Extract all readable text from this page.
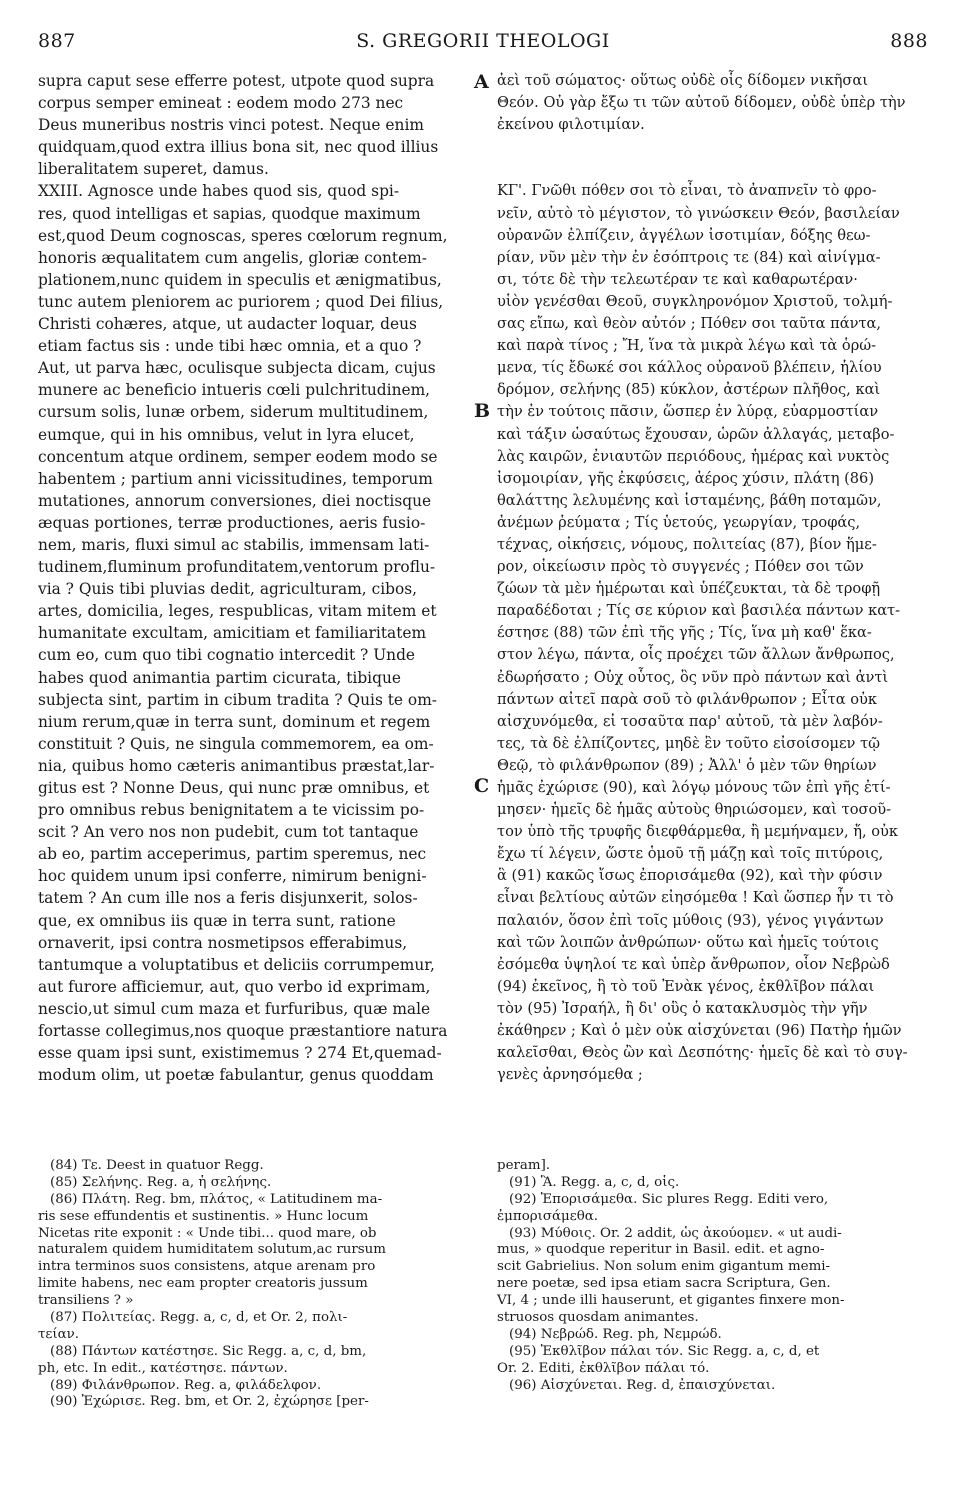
887	S. GREGORII THEOLOGI	888
supra caput sese efferre potest, utpote quod supra
corpus semper emineat : eodem modo 273 nec
Deus muneribus nostris vinci potest. Neque enim
quidquam,quod extra illius bona sit, nec quod illius
liberalitatem superet, damus.
XXIII. Agnosce unde habes quod sis, quod spi-
res, quod intelligas et sapias, quodque maximum
est,quod Deum cognoscas, speres cœlorum regnum,
honoris æqualitatem cum angelis, gloriæ contem-
plationem,nunc quidem in speculis et ænigmatibus,
tunc autem pleniorem ac puriorem ; quod Dei filius,
Christi cohæres, atque, ut audacter loquar, deus
etiam factus sis : unde tibi hæc omnia, et a quo ?
Aut, ut parva hæc, oculisque subjecta dicam, cujus
munere ac beneficio intueris cœli pulchritudinem,
cursum solis, lunæ orbem, siderum multitudinem,
eumque, qui in his omnibus, velut in lyra elucet,
concentum atque ordinem, semper eodem modo se
habentem ; partium anni vicissitudines, temporum
mutationes, annorum conversiones, diei noctisque
æquas portiones, terræ productiones, aeris fusio-
nem, maris, fluxi simul ac stabilis, immensam lati-
tudinem,fluminum profunditatem,ventorum proflu-
via ? Quis tibi pluvias dedit, agriculturam, cibos,
artes, domicilia, leges, respublicas, vitam mitem et
humanitate excultam, amicitiam et familiaritatem
cum eo, cum quo tibi cognatio intercedit ? Unde
habes quod animantia partim cicurata, tibique
subjecta sint, partim in cibum tradita ? Quis te om-
nium rerum,quæ in terra sunt, dominum et regem
constituit ? Quis, ne singula commemorem, ea om-
nia, quibus homo cæteris animantibus præstat,lar-
gitus est ? Nonne Deus, qui nunc præ omnibus, et
pro omnibus rebus benignitatem a te vicissim po-
scit ? An vero nos non pudebit, cum tot tantaque
ab eo, partim acceperimus, partim speremus, nec
hoc quidem unum ipsi conferre, nimirum benigni-
tatem ? An cum ille nos a feris disjunxerit, solos-
que, ex omnibus iis quæ in terra sunt, ratione
ornaverit, ipsi contra nosmetipsos efferabimus,
tantumque a voluptatibus et deliciis corrumpemur,
aut furore afficiemur, aut, quo verbo id exprimam,
nescio,ut simul cum maza et furfuribus, quæ male
fortasse collegimus,nos quoque præstantiore natura
esse quam ipsi sunt, existimemus ? 274 Et,quemad-
modum olim, ut poetæ fabulantur, genus quoddam
ἀεὶ τοῦ σώματος· οὕτως οὐδὲ οἷς δίδομεν νικῆσαι
Θεόν. Οὐ γὰρ ἔξω τι τῶν αὐτοῦ δίδομεν, οὐδὲ ὑπὲρ τὴν
ἐκείνου φιλοτιμίαν.
ΚΓ'. Γνῶθι πόθεν σοι τὸ εἶναι, τὸ ἀναπνεῖν τὸ φρο-
νεῖν, αὐτὸ τὸ μέγιστον, τὸ γινώσκειν Θεόν, βασιλείαν
οὐρανῶν ἐλπίζειν, ἀγγέλων ἰσοτιμίαν, δόξης θεω-
ρίαν, νῦν μὲν τὴν ἐν ἐσόπτροις τε (84) καὶ αἰνίγμα-
σι, τότε δὲ τὴν τελεωτέραν τε καὶ καθαρωτέραν·
υἱὸν γενέσθαι Θεοῦ, συγκληρονόμον Χριστοῦ, τολμή-
σας εἴπω, καὶ θεὸν αὐτόν ; Πόθεν σοι ταῦτα πάντα,
καὶ παρὰ τίνος ; Ἤ, ἵνα τὰ μικρὰ λέγω καὶ τὰ ὁρώ-
μενα, τίς ἔδωκέ σοι κάλλος οὐρανοῦ βλέπειν, ἡλίου
δρόμον, σελήνης (85) κύκλον, ἀστέρων πλῆθος, καὶ
τὴν ἐν τούτοις πᾶσιν, ὥσπερ ἐν λύρᾳ, εὐαρμοστίαν
καὶ τάξιν ὡσαύτως ἔχουσαν, ὡρῶν ἀλλαγάς, μεταβο-
λὰς καιρῶν, ἐνιαυτῶν περιόδους, ἡμέρας καὶ νυκτὸς
ἰσομοιρίαν, γῆς ἐκφύσεις, ἀέρος χύσιν, πλάτη (86)
θαλάττης λελυμένης καὶ ἱσταμένης, βάθη ποταμῶν,
ἀνέμων ῥεύματα ; Τίς ὑετούς, γεωργίαν, τροφάς,
τέχνας, οἰκήσεις, νόμους, πολιτείας (87), βίον ἥμε-
ρον, οἰκείωσιν πρὸς τὸ συγγενές ; Πόθεν σοι τῶν
ζώων τὰ μὲν ἡμέρωται καὶ ὑπέζευκται, τὰ δὲ τροφῇ
παραδέδοται ; Τίς σε κύριον καὶ βασιλέα πάντων κατ-
έστησε (88) τῶν ἐπὶ τῆς γῆς ; Τίς, ἵνα μὴ καθ' ἕκα-
στον λέγω, πάντα, οἷς προέχει τῶν ἄλλων ἄνθρωπος,
ἐδωρήσατο ; Οὐχ οὗτος, ὃς νῦν πρὸ πάντων καὶ ἀντὶ
πάντων αἰτεῖ παρὰ σοῦ τὸ φιλάνθρωπον ; Εἶτα οὐκ
αἰσχυνόμεθα, εἰ τοσαῦτα παρ' αὐτοῦ, τὰ μὲν λαβόν-
τες, τὰ δὲ ἐλπίζοντες, μηδὲ ἓν τοῦτο εἰσοίσομεν τῷ
Θεῷ, τὸ φιλάνθρωπον (89) ; Ἀλλ' ὁ μὲν τῶν θηρίων
ἡμᾶς ἐχώρισε (90), καὶ λόγῳ μόνους τῶν ἐπὶ γῆς ἐτί-
μησεν· ἡμεῖς δὲ ἡμᾶς αὐτοὺς θηριώσομεν, καὶ τοσοῦ-
τον ὑπὸ τῆς τρυφῆς διεφθάρμεθα, ἢ μεμήναμεν, ἤ, οὐκ
ἔχω τί λέγειν, ὥστε ὁμοῦ τῇ μάζῃ καὶ τοῖς πιτύροις,
ἃ (91) κακῶς ἴσως ἐπορισάμεθα (92), καὶ τὴν φύσιν
εἶναι βελτίους αὐτῶν εἰησόμεθα ! Καὶ ὥσπερ ἦν τι τὸ
παλαιόν, ὅσον ἐπὶ τοῖς μύθοις (93), γένος γιγάντων
καὶ τῶν λοιπῶν ἀνθρώπων· οὕτω καὶ ἡμεῖς τούτοις
ἐσόμεθα ὑψηλοί τε καὶ ὑπὲρ ἄνθρωπον, οἷον Νεβρὼδ
(94) ἐκεῖνος, ἢ τὸ τοῦ Ἐνὰκ γένος, ἐκθλῖβον πάλαι
τὸν (95) Ἰσραήλ, ἢ δι' οὓς ὁ κατακλυσμὸς τὴν γῆν
ἐκάθηρεν ; Καὶ ὁ μὲν οὐκ αἰσχύνεται (96) Πατὴρ ἡμῶν
καλεῖσθαι, Θεὸς ὢν καὶ Δεσπότης· ἡμεῖς δὲ καὶ τὸ συγ-
γενὲς ἀρνησόμεθα ;
A
B
C
(84) Τε. Deest in quatuor Regg.
(85) Σελήνης. Reg. a, ἡ σελήνης.
(86) Πλάτη. Reg. bm, πλάτος, « Latitudinem ma-
ris sese effundentis et sustinentis. » Hunc locum
Nicetas rite exponit : « Unde tibi... quod mare, ob
naturalem quidem humiditatem solutum,ac rursum
intra terminos suos consistens, atque arenam pro
limite habens, nec eam propter creatoris jussum
transiliens ? »
(87) Πολιτείας. Regg. a, c, d, et Or. 2, πολι-
τείαν.
(88) Πάντων κατέστησε. Sic Regg. a, c, d, bm,
ph, etc. In edit., κατέστησε. πάντων.
(89) Φιλάνθρωπον. Reg. a, φιλάδελφον.
(90) Ἐχώρισε. Reg. bm, et Or. 2, ἐχώρησε [per-
peram].
(91) Ἃ. Regg. a, c, d, οἷς.
(92) Ἐπορισάμεθα. Sic plures Regg. Editi vero,
ἐμπορισάμεθα.
(93) Μύθοις. Or. 2 addit, ὡς ἀκούομεν. « ut audi-
mus, » quodque reperitur in Basil. edit. et agno-
scit Gabrielius. Non solum enim gigantum memi-
nere poetæ, sed ipsa etiam sacra Scriptura, Gen.
VI, 4 ; unde illi hauserunt, et gigantes finxere mon-
struosos quosdam animantes.
(94) Νεβρώδ. Reg. ph, Νεμρώδ.
(95) Ἐκθλῖβον πάλαι τόν. Sic Regg. a, c, d, et
Or. 2. Editi, ἐκθλῖβον πάλαι τό.
(96) Αἰσχύνεται. Reg. d, ἐπαισχύνεται.
